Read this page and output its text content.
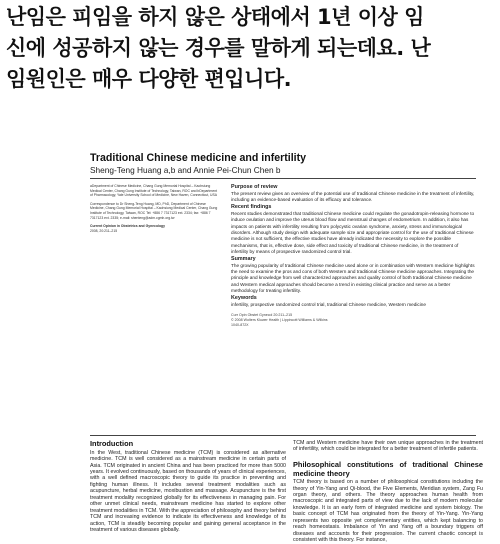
난임은 피임을 하지 않은 상태에서 1년 이상 임
신에 성공하지 않는 경우를 말하게 되는데요. 난
임원인은 매우 다양한 편입니다.
Traditional Chinese medicine and infertility
Sheng-Teng Huang a,b and Annie Pei-Chun Chen b
aDepartment of Chinese Medicine, Chang Gung Memorial Hospital – Kaohsiung Medical Center, Chang Gung Institute of Technology, Taiwan, ROC and bDepartment of Pharmacology, Yale University School of Medicine, New Haven, Connecticut, USA
Correspondence to Dr Sheng-Teng Huang, MD, PhD, Department of Chinese Medicine, Chang Gung Memorial Hospital – Kaohsiung Medical Center, Chang Gung Institute of Technology, Taiwan, ROC Tel: +886 7 7317123 ext. 2334; fax: +886 7 7317123 ext. 2335; e-mail: shenteng@adm.cgmh.org.tw
Current Opinion in Obstetrics and Gynecology
2008, 20:211–215
Purpose of review
The present review gives an overview of the potential use of traditional Chinese medicine in the treatment of infertility, including an evidence-based evaluation of its efficacy and tolerance.
Recent findings
Recent studies demonstrated that traditional Chinese medicine could regulate the gonadotropin-releasing hormone to induce ovulation and improve the uterus blood flow and menstrual changes of endometrium. In addition, it also has impacts on patients with infertility resulting from polycystic ovarian syndrome, anxiety, stress and immunological disorders. Although study design with adequate sample size and appropriate control for the use of traditional Chinese medicine is not sufficient, the effective studies have already indicated the necessity to explore the possible mechanisms, that is, effective dose, side effect and toxicity of traditional Chinese medicine, in the treatment of infertility by means of prospective randomized control trial.
Summary
The growing popularity of traditional Chinese medicine used alone or in combination with Western medicine highlights the need to examine the pros and cons of both Western and traditional Chinese medicine approaches. Integrating the principle and knowledge from well characterized approaches and quality control of both traditional Chinese medicine and Western medical approaches should become a trend in existing clinical practice and serve as a better methodology for treating infertility.
Keywords
infertility, prospective randomized control trial, traditional Chinese medicine, Western medicine
Curr Opin Obstet Gynecol 20:211–215
© 2008 Wolters Kluwer Health | Lippincott Williams & Wilkins
1040-872X
Introduction

In the West, traditional Chinese medicine (TCM) is considered as alternative medicine. TCM is well considered as a mainstream medicine in certain parts of Asia. TCM originated in ancient China and has been practiced for more than 5000 years. It evolved continuously, based on thousands of years of clinical experiences, with a well defined macroscopic theory to guide its practice in preventing and fighting human illness. It includes several treatment modalities such as acupuncture, herbal medicine, moxibustion and massage. Acupuncture is the first treatment modality recognized globally for its effectiveness in managing pain. For other unmet clinical needs, mainstream medicine has started to explore other treatment modalities in TCM. With the appreciation of philosophy and theory behind TCM and increasing evidence to indicate its effectiveness and knowledge of its action, TCM is steadily becoming popular and gaining general acceptance in the treatment of various diseases globally.

TCM and Western medicine have their own unique approaches in the treatment of infertility, which could be integrated for a better treatment of infertile patients.

Philosophical constitutions of traditional Chinese medicine theory

TCM theory is based on a number of philosophical constitutions including the theory of Yin-Yang and Qi-blood, the Five Elements, Meridian system, Zang Fu organ theory, and others. The theory approaches human health from macroscopic and integrated parts of view due to the lack of modern molecular knowledge. It is an early form of integrated medicine and system biology. The basic concept of TCM has originated from the theory of Yin-Yang. Yin-Yang represents two opposite yet complementary entities, which kept balancing to reach homeostasis. Imbalance of Yin and Yang off a boundary triggers off diseases and accounts for their progression. The current chaotic concept is consistent with this theory. For instance,
